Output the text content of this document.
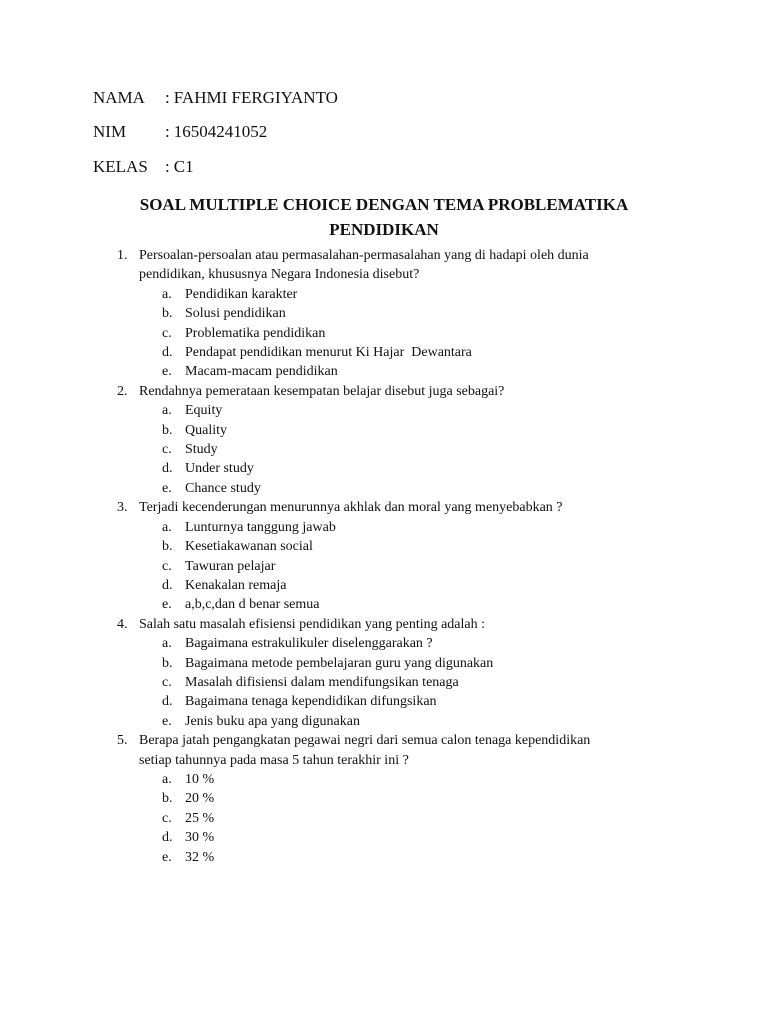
NAMA : FAHMI FERGIYANTO
NIM : 16504241052
KELAS : C1
SOAL MULTIPLE CHOICE DENGAN TEMA PROBLEMATIKA
PENDIDIKAN
1. Persoalan-persoalan atau permasalahan-permasalahan yang di hadapi oleh dunia
pendidikan, khususnya Negara Indonesia disebut?
a. Pendidikan karakter
b. Solusi pendidikan
c. Problematika pendidikan
d. Pendapat pendidikan menurut Ki Hajar  Dewantara
e. Macam-macam pendidikan
2. Rendahnya pemerataan kesempatan belajar disebut juga sebagai?
a. Equity
b. Quality
c. Study
d. Under study
e. Chance study
3. Terjadi kecenderungan menurunnya akhlak dan moral yang menyebabkan ?
a. Lunturnya tanggung jawab
b. Kesetiakawanan social
c. Tawuran pelajar
d. Kenakalan remaja
e. a,b,c,dan d benar semua
4. Salah satu masalah efisiensi pendidikan yang penting adalah :
a. Bagaimana estrakulikuler diselenggarakan ?
b. Bagaimana metode pembelajaran guru yang digunakan
c. Masalah difisiensi dalam mendifungsikan tenaga
d. Bagaimana tenaga kependidikan difungsikan
e. Jenis buku apa yang digunakan
5. Berapa jatah pengangkatan pegawai negri dari semua calon tenaga kependidikan
setiap tahunnya pada masa 5 tahun terakhir ini ?
a. 10 %
b. 20 %
c. 25 %
d. 30 %
e. 32 %
